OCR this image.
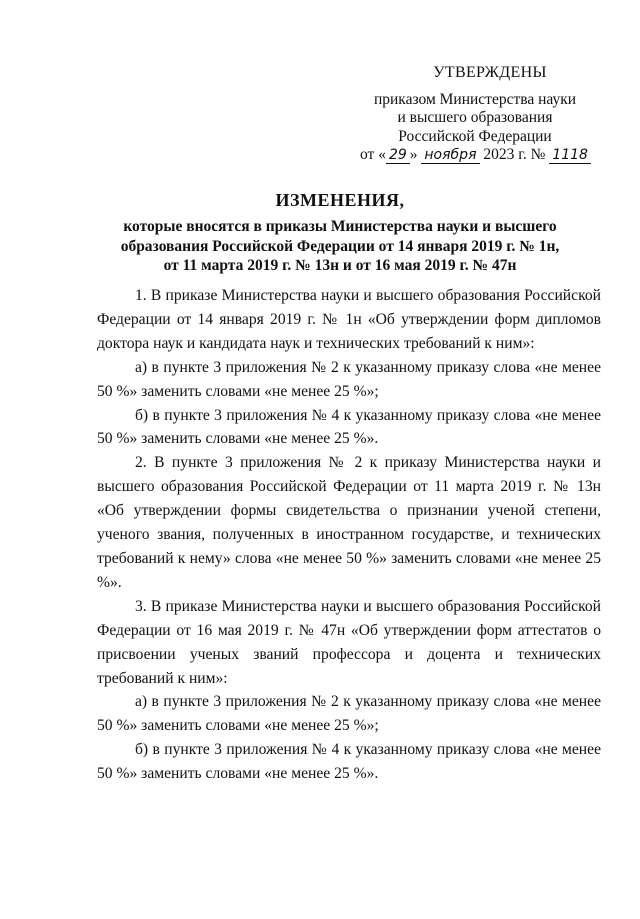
УТВЕРЖДЕНЫ
приказом Министерства науки
и высшего образования
Российской Федерации
от « 29 » ноября 2023 г. № 1118
ИЗМЕНЕНИЯ,
которые вносятся в приказы Министерства науки и высшего
образования Российской Федерации от 14 января 2019 г. № 1н,
от 11 марта 2019 г. № 13н и от 16 мая 2019 г. № 47н

1. В приказе Министерства науки и высшего образования Российской Федерации от 14 января 2019 г. № 1н «Об утверждении форм дипломов доктора наук и кандидата наук и технических требований к ним»:

а) в пункте 3 приложения № 2 к указанному приказу слова «не менее 50 %» заменить словами «не менее 25 %»;

б) в пункте 3 приложения № 4 к указанному приказу слова «не менее 50 %» заменить словами «не менее 25 %».

2. В пункте 3 приложения № 2 к приказу Министерства науки и высшего образования Российской Федерации от 11 марта 2019 г. № 13н «Об утверждении формы свидетельства о признании ученой степени, ученого звания, полученных в иностранном государстве, и технических требований к нему» слова «не менее 50 %» заменить словами «не менее 25 %».

3. В приказе Министерства науки и высшего образования Российской Федерации от 16 мая 2019 г. № 47н «Об утверждении форм аттестатов о присвоении ученых званий профессора и доцента и технических требований к ним»:

а) в пункте 3 приложения № 2 к указанному приказу слова «не менее 50 %» заменить словами «не менее 25 %»;

б) в пункте 3 приложения № 4 к указанному приказу слова «не менее 50 %» заменить словами «не менее 25 %».
